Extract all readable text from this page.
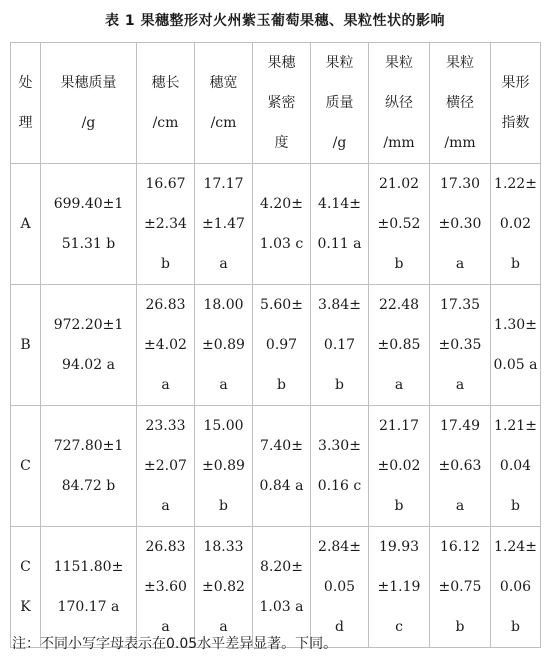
表 1 果穗整形对火州紫玉葡萄果穗、果粒性状的影响
处
理	果穗质量
/g	穗长
/cm	穗宽
/cm	果穗
紧密
度	果粒
质量
/g	果粒
纵径
/mm	果粒
横径
/mm	果形
指数

A	699.40±1
51.31 b	16.67
±2.34
b	17.17
±1.47
a	4.20±
1.03 c	4.14±
0.11 a	21.02
±0.52
b	17.30
±0.30
a	1.22±
0.02
b

B	972.20±1
94.02 a	26.83
±4.02
a	18.00
±0.89
a	5.60±
0.97
b	3.84±
0.17
b	22.48
±0.85
a	17.35
±0.35
a	1.30±
0.05 a

C	727.80±1
84.72 b	23.33
±2.07
a	15.00
±0.89
b	7.40±
0.84 a	3.30±
0.16 c	21.17
±0.02
b	17.49
±0.63
a	1.21±
0.04
b

C
K	1151.80±
170.17 a	26.83
±3.60
a	18.33
±0.82
a	8.20±
1.03 a	2.84±
0.05
d	19.93
±1.19
c	16.12
±0.75
b	1.24±
0.06
b
注：不同小写字母表示在0.05水平差异显著。下同。
